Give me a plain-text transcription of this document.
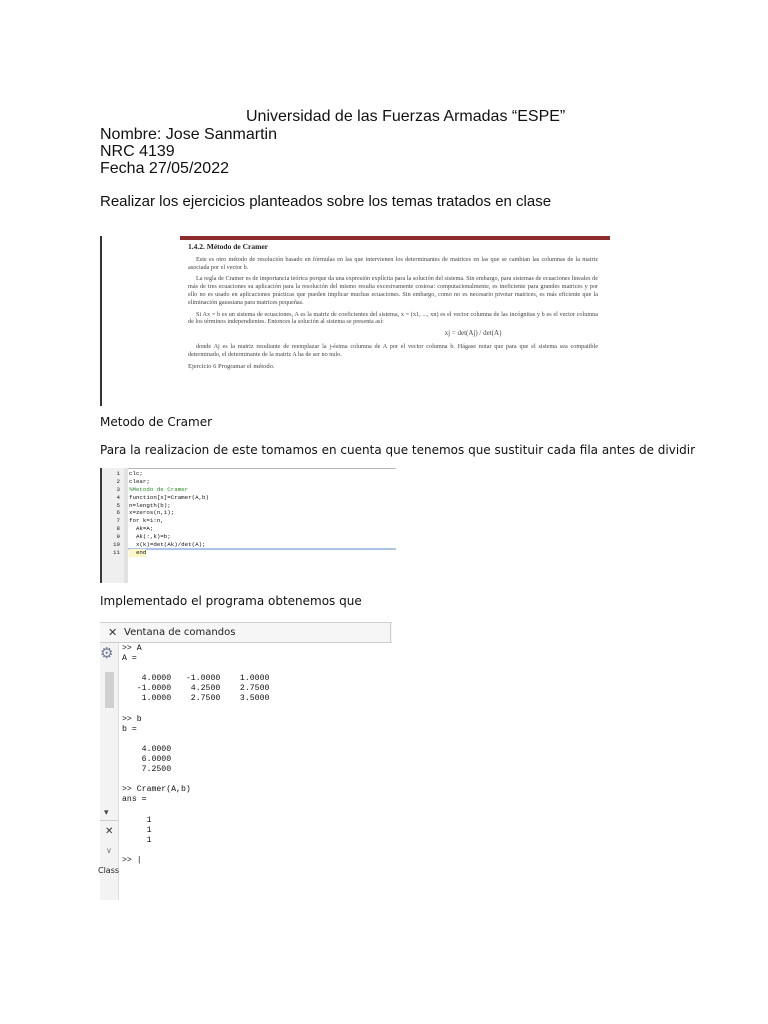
Universidad de las Fuerzas Armadas “ESPE”
Nombre: Jose Sanmartin
NRC 4139
Fecha 27/05/2022
Realizar los ejercicios planteados sobre los temas tratados en clase
1.4.2. Método de Cramer

Este es otro método de resolución basado en fórmulas en las que intervienen los determinantes de matrices en las que se cambian las columnas de la matriz asociada por el vector b.

La regla de Cramer es de importancia teórica porque da una expresión explícita para la solución del sistema. Sin embargo, para sistemas de ecuaciones lineales de más de tres ecuaciones su aplicación para la resolución del mismo resulta excesivamente costosa: computacionalmente, es ineficiente para grandes matrices y por ello no es usado en aplicaciones prácticas que pueden implicar muchas ecuaciones. Sin embargo, como no es necesario pivotar matrices, es más eficiente que la eliminación gaussiana para matrices pequeñas.

Si Ax = b es un sistema de ecuaciones, A es la matriz de coeficientes del sistema, x = (x1, ..., xn) es el vector columna de las incógnitas y b es el vector columna de los términos independientes. Entonces la solución al sistema se presenta así:

xj = det(Aj) / det(A)

donde Aj es la matriz resultante de reemplazar la j-ésima columna de A por el vector columna b. Hágase notar que para que el sistema sea compatible determinado, el determinante de la matriz A ha de ser no nulo.

Ejercicio 6 Programar el método.

Metodo de Cramer
Para la realizacion de este tomamos en cuenta que tenemos que sustituir cada fila antes de dividir
1	clc;
2	clear;
3	%Metodo de Cramer
4	function[x]=Cramer(A,b)
5	n=length(b);
6	x=zeros(n,1);
7	for k=1:n,
8	Ak=A;
9	Ak(:,k)=b;
10	x(k)=det(Ak)/det(A);
11	end
Implementado el programa obtenemos que
✕ Ventana de comandos
⚙
▾
✕
∨
Class
>> A
A =
4.0000   -1.0000    1.0000
-1.0000    4.2500    2.7500
1.0000    2.7500    3.5000
>> b
b =
4.0000
6.0000
7.2500
>> Cramer(A,b)
ans =
1
1
1
>> |
